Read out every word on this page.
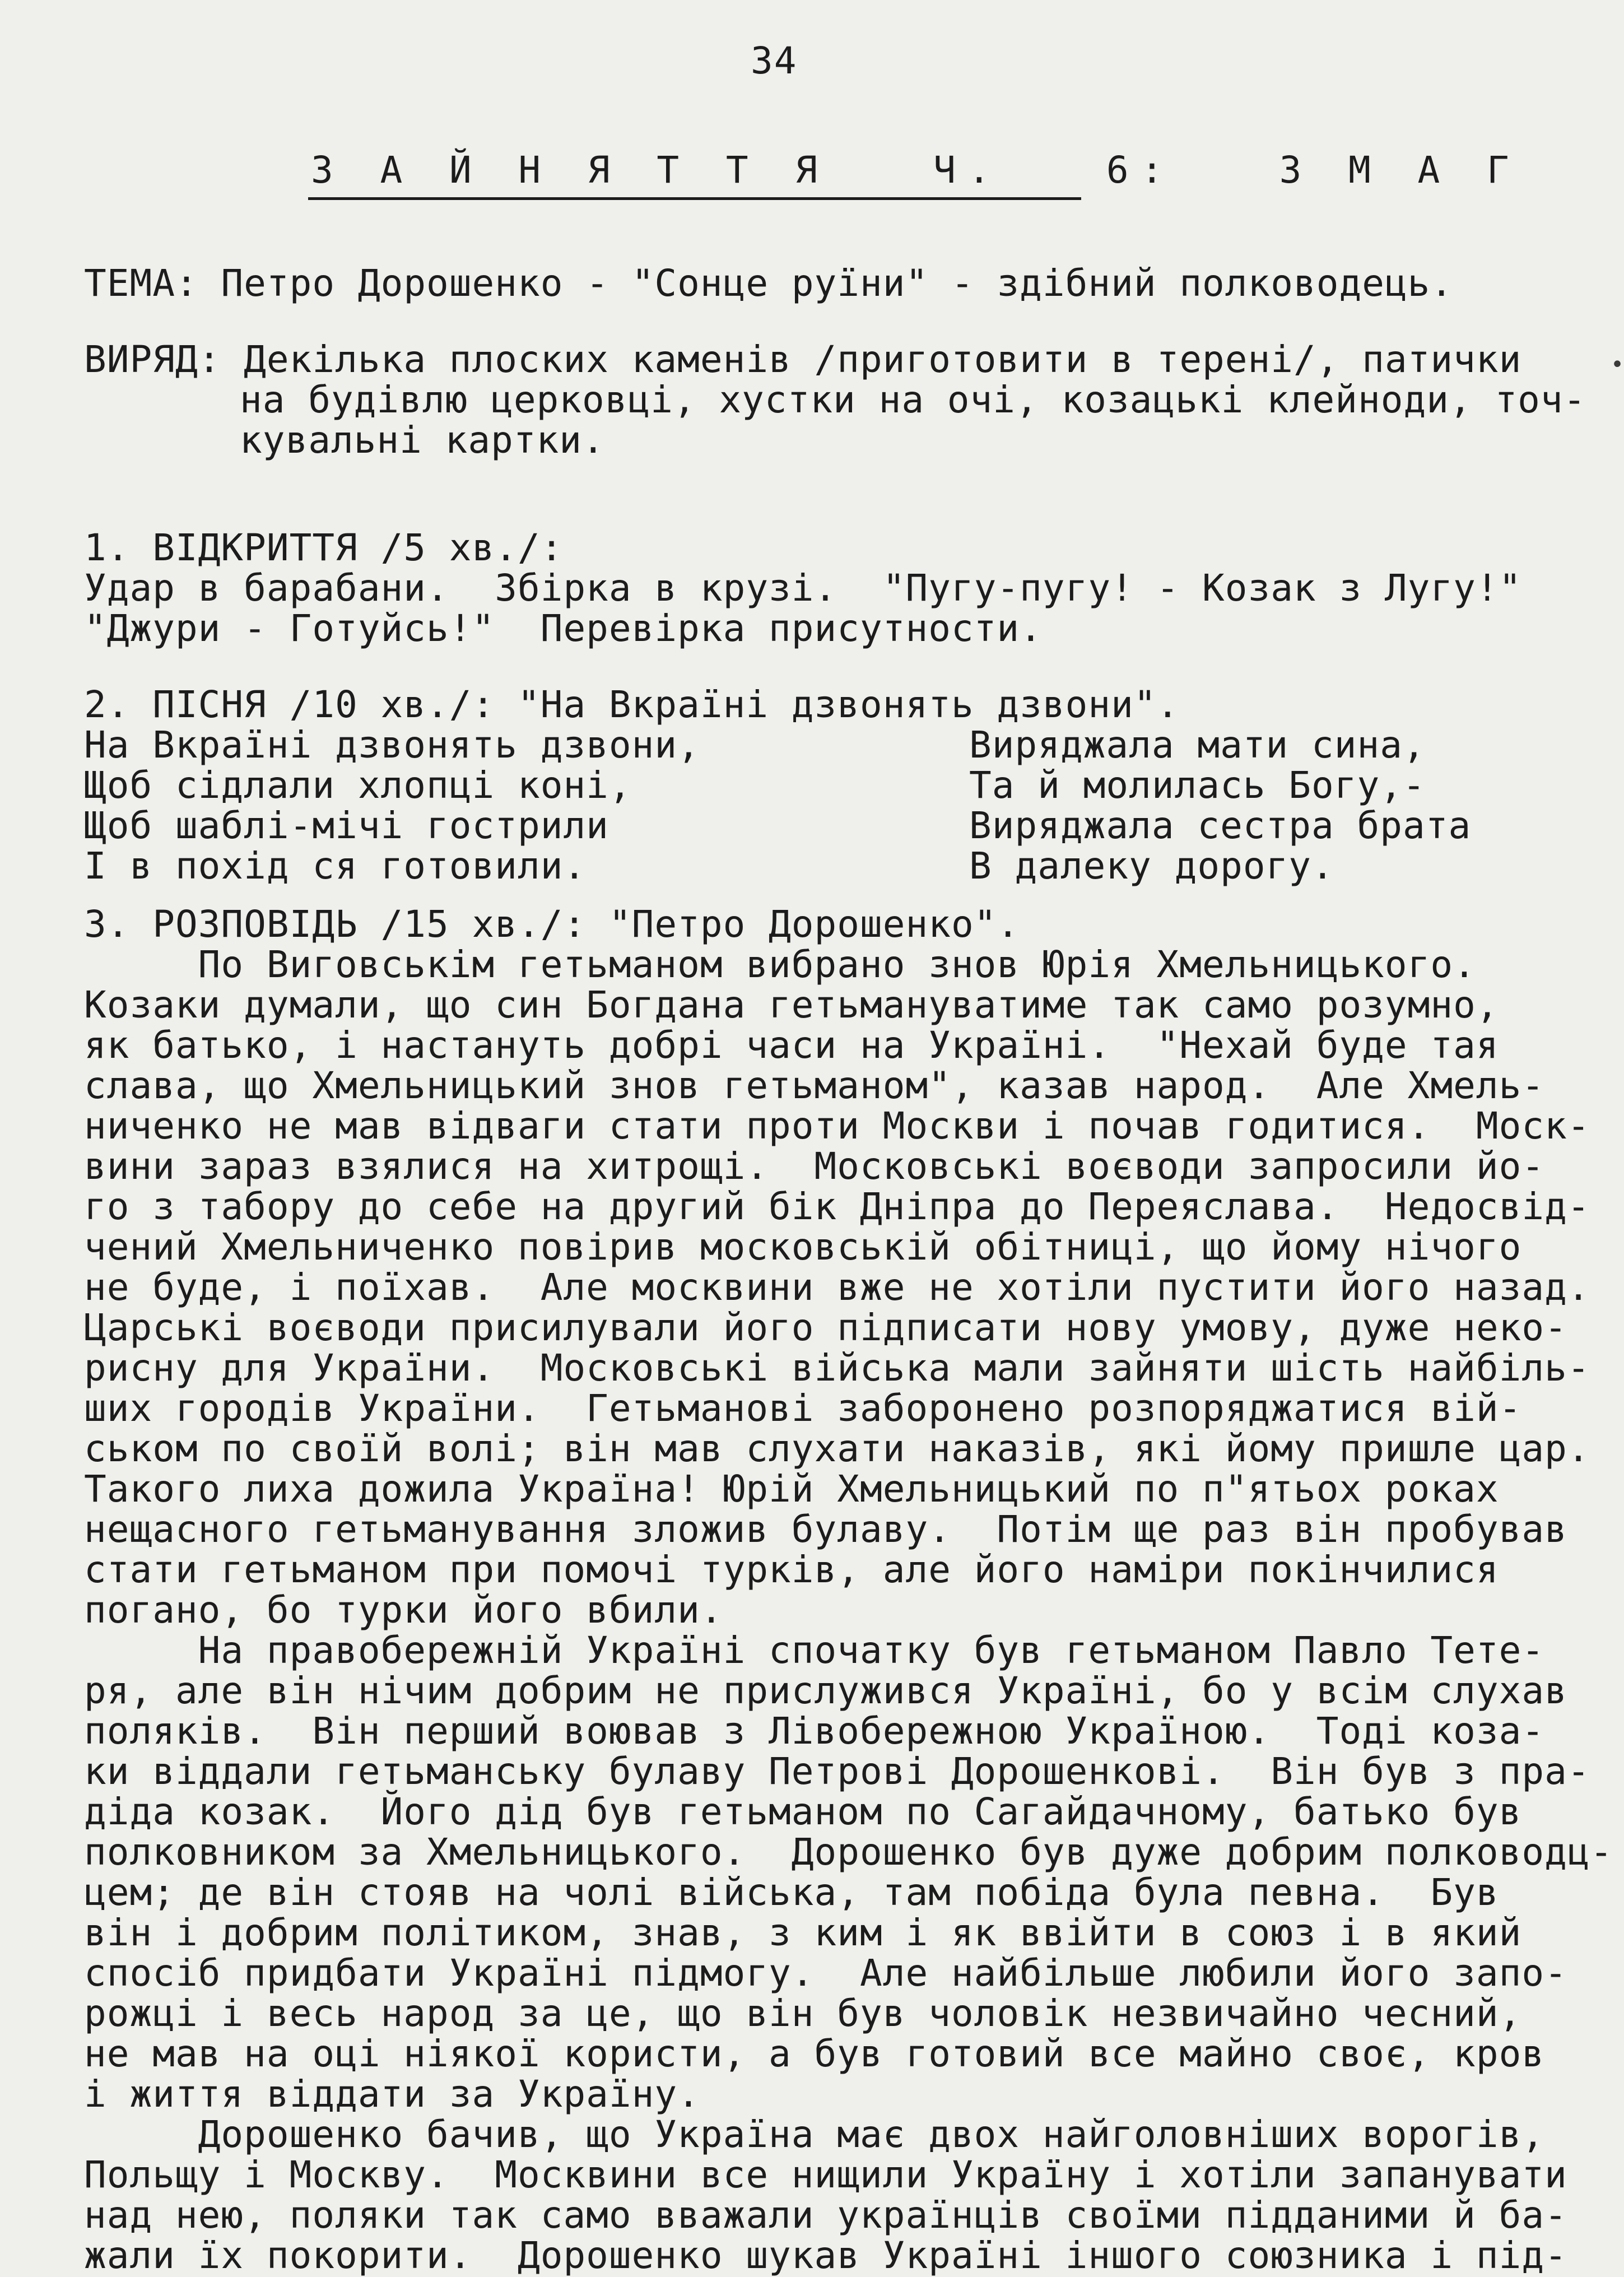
34
З А Й Н Я Т Т Я   Ч.   6:   З М А Г
ТЕМА: Петро Дорошенко - "Сонце руїни" - здібний полководець.
ВИРЯД: Декілька плоских каменів /приготовити в терені/, патички
на будівлю церковці, хустки на очі, козацькі клейноди, точ-
кувальні картки.
1. ВІДКРИТТЯ /5 хв./:
Удар в барабани.  Збірка в крузі.  "Пугу-пугу! - Козак з Лугу!"
"Джури - Готуйсь!"  Перевірка присутности.
2. ПІСНЯ /10 хв./: "На Вкраїні дзвонять дзвони".
На Вкраїні дзвонять дзвони,
Щоб сідлали хлопці коні,
Щоб шаблі-мічі гострили
І в похід ся готовили.
Виряджала мати сина,
Та й молилась Богу,-
Виряджала сестра брата
В далеку дорогу.
3. РОЗПОВІДЬ /15 хв./: "Петро Дорошенко".
По Виговськім гетьманом вибрано знов Юрія Хмельницького.
Козаки думали, що син Богдана гетьмануватиме так само розумно,
як батько, і настануть добрі часи на Україні.  "Нехай буде тая
слава, що Хмельницький знов гетьманом", казав народ.  Але Хмель-
ниченко не мав відваги стати проти Москви і почав годитися.  Моск-
вини зараз взялися на хитрощі.  Московські воєводи запросили йо-
го з табору до себе на другий бік Дніпра до Переяслава.  Недосвід-
чений Хмельниченко повірив московській обітниці, що йому нічого
не буде, і поїхав.  Але москвини вже не хотіли пустити його назад.
Царські воєводи присилували його підписати нову умову, дуже неко-
рисну для України.  Московські війська мали зайняти шість найбіль-
ших городів України.  Гетьманові заборонено розпоряджатися вій-
ськом по своїй волі; він мав слухати наказів, які йому пришле цар.
Такого лиха дожила Україна! Юрій Хмельницький по п"ятьох роках
нещасного гетьманування зложив булаву.  Потім ще раз він пробував
стати гетьманом при помочі турків, але його наміри покінчилися
погано, бо турки його вбили.
На правобережній Україні спочатку був гетьманом Павло Тете-
ря, але він нічим добрим не прислужився Україні, бо у всім слухав
поляків.  Він перший воював з Лівобережною Україною.  Тоді коза-
ки віддали гетьманську булаву Петрові Дорошенкові.  Він був з пра-
діда козак.  Його дід був гетьманом по Сагайдачному, батько був
полковником за Хмельницького.  Дорошенко був дуже добрим полководц-
цем; де він стояв на чолі війська, там побіда була певна.  Був
він і добрим політиком, знав, з ким і як ввійти в союз і в який
спосіб придбати Україні підмогу.  Але найбільше любили його запо-
рожці і весь народ за це, що він був чоловік незвичайно чесний,
не мав на оці ніякої користи, а був готовий все майно своє, кров
і життя віддати за Україну.
Дорошенко бачив, що Україна має двох найголовніших ворогів,
Польщу і Москву.  Москвини все нищили Україну і хотіли запанувати
над нею, поляки так само вважали українців своїми підданими й ба-
жали їх покорити.  Дорошенко шукав Україні іншого союзника і під-
•
